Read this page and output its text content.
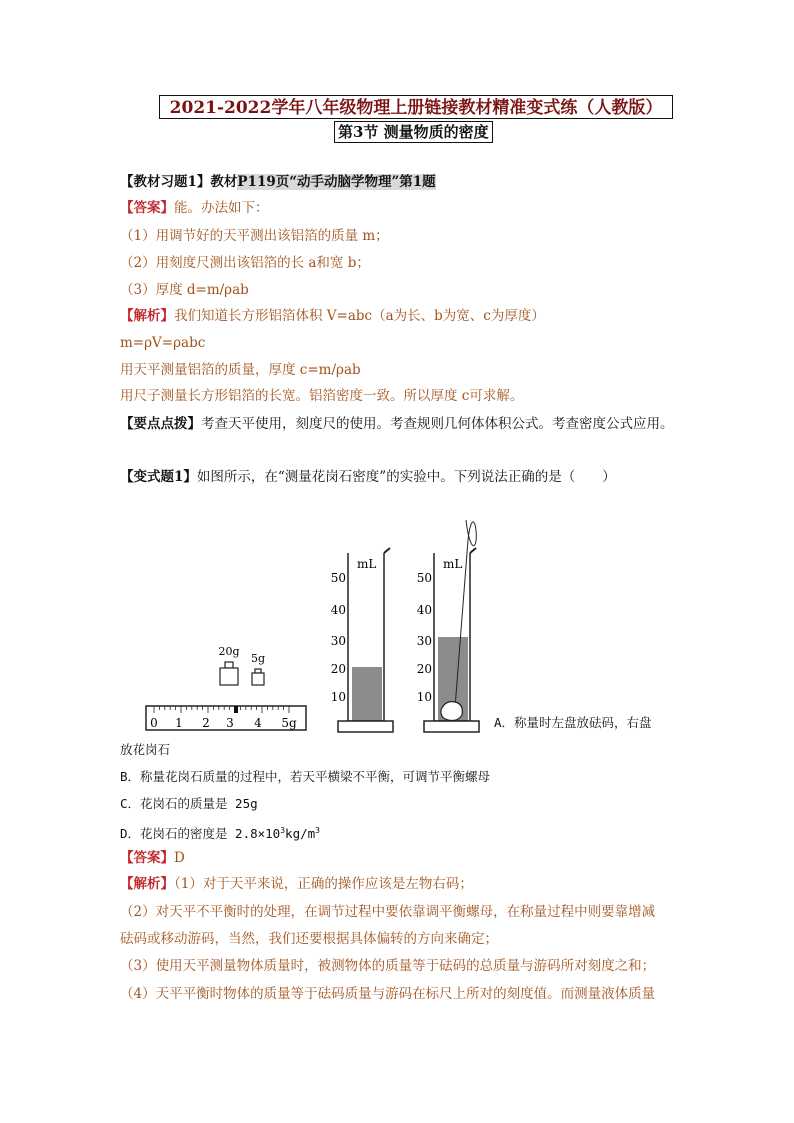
2021-2022学年八年级物理上册链接教材精准变式练（人教版）
第3节 测量物质的密度
【教材习题1】教材P119页“动手动脑学物理”第1题
【答案】能。办法如下：
（1）用调节好的天平测出该铝箔的质量 m；
（2）用刻度尺测出该铝箔的长 a和宽 b；
（3）厚度 d=m/ρab
【解析】我们知道长方形铝箔体积 V=abc（a为长、b为宽、c为厚度）
m=ρV=ρabc
用天平测量铝箔的质量，厚度 c=m/ρab
用尺子测量长方形铝箔的长宽。铝箔密度一致。所以厚度 c可求解。
【要点点拨】考查天平使用，刻度尺的使用。考查规则几何体体积公式。考查密度公式应用。
【变式题1】如图所示，在“测量花岗石密度”的实验中。下列说法正确的是（　　）
20g
5g
0 1 2 3 4 5g
mL
50
40
30
20
10
mL
50
40
30
20
10
A．称量时左盘放砝码，右盘
放花岗石
B．称量花岗石质量的过程中，若天平横梁不平衡，可调节平衡螺母
C．花岗石的质量是 25g
D．花岗石的密度是 $2.8\times 10^3kg/m^3$
【答案】D
【解析】（1）对于天平来说，正确的操作应该是左物右码；
（2）对天平不平衡时的处理，在调节过程中要依靠调平衡螺母，在称量过程中则要靠增减
砝码或移动游码，当然，我们还要根据具体偏转的方向来确定；
（3）使用天平测量物体质量时，被测物体的质量等于砝码的总质量与游码所对刻度之和；
（4）天平平衡时物体的质量等于砝码质量与游码在标尺上所对的刻度值。而测量液体质量
